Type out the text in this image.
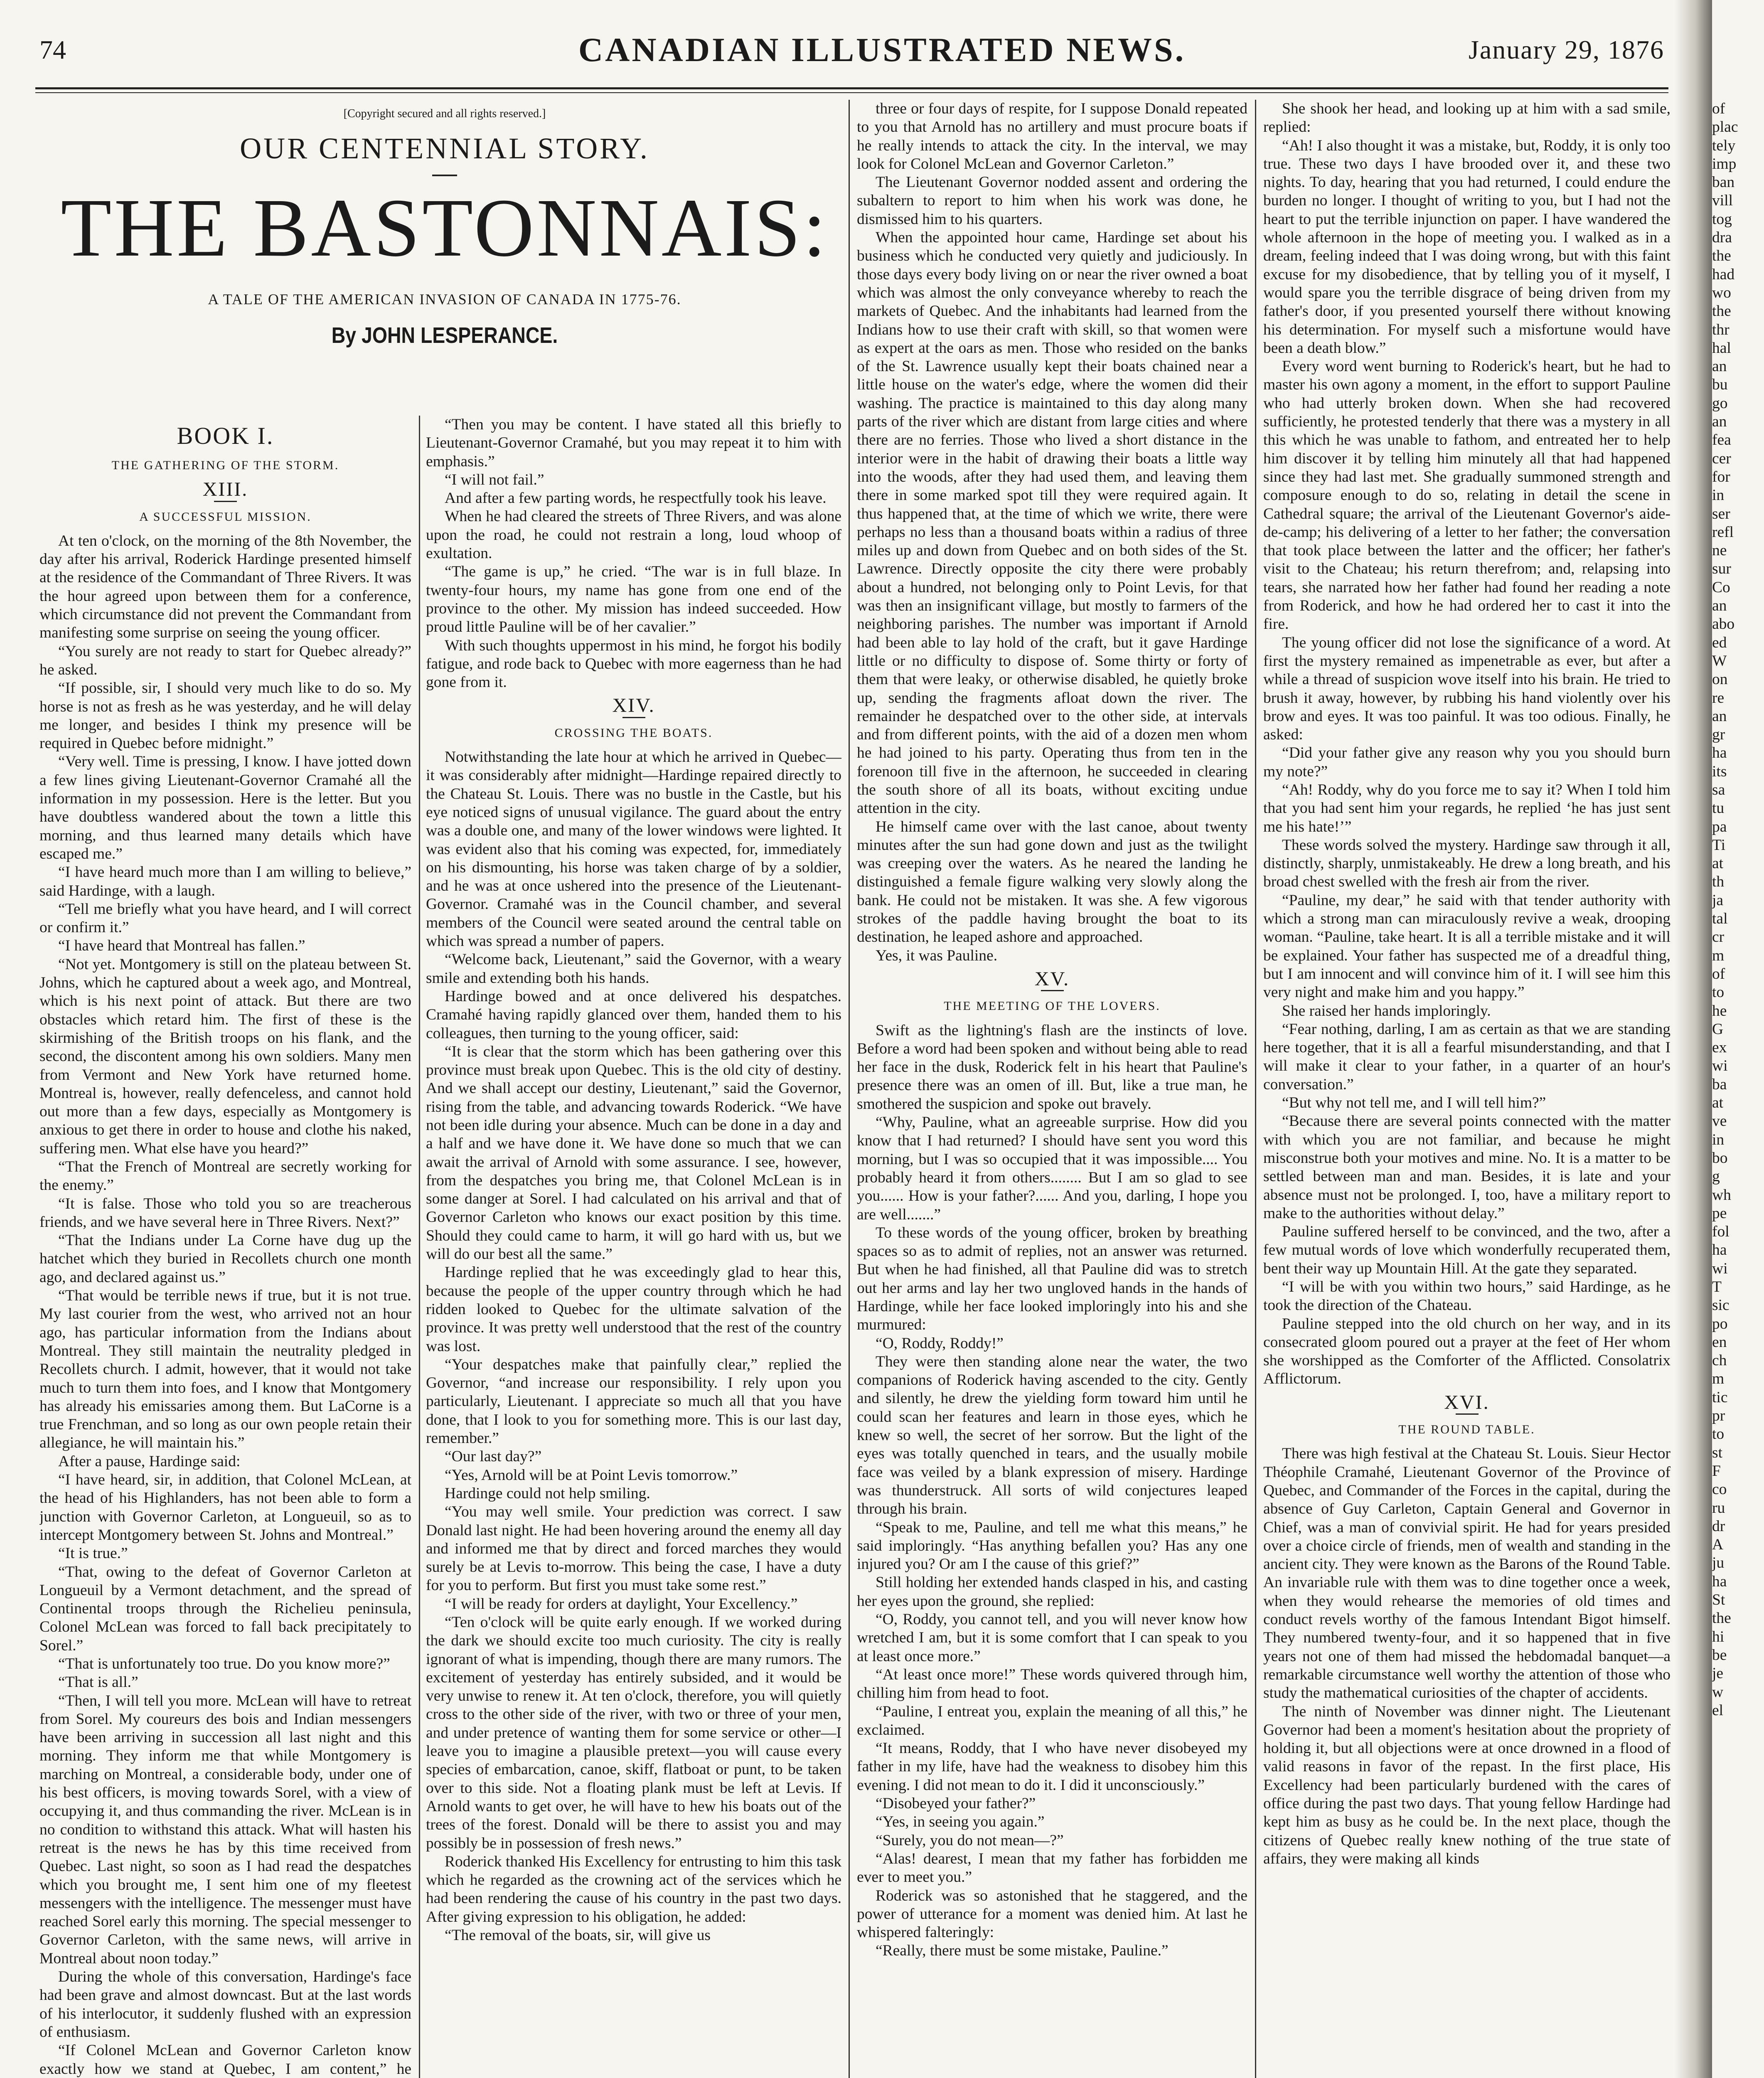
74	CANADIAN ILLUSTRATED NEWS.	January 29, 1876
[Copyright secured and all rights reserved.]
OUR CENTENNIAL STORY.
THE BASTONNAIS:
A TALE OF THE AMERICAN INVASION OF CANADA IN 1775-76.
By JOHN LESPERANCE.
BOOK I.
THE GATHERING OF THE STORM.
XIII.
A SUCCESSFUL MISSION.

At ten o'clock, on the morning of the 8th November, the day after his arrival, Roderick Hardinge presented himself at the residence of the Commandant of Three Rivers. It was the hour agreed upon between them for a conference, which circumstance did not prevent the Commandant from manifesting some surprise on seeing the young officer.

“You surely are not ready to start for Quebec already?” he asked.

“If possible, sir, I should very much like to do so. My horse is not as fresh as he was yesterday, and he will delay me longer, and besides I think my presence will be required in Quebec before midnight.”

“Very well. Time is pressing, I know. I have jotted down a few lines giving Lieutenant-Governor Cramahé all the information in my possession. Here is the letter. But you have doubtless wandered about the town a little this morning, and thus learned many details which have escaped me.”

“I have heard much more than I am willing to believe,” said Hardinge, with a laugh.

“Tell me briefly what you have heard, and I will correct or confirm it.”

“I have heard that Montreal has fallen.”

“Not yet. Montgomery is still on the plateau between St. Johns, which he captured about a week ago, and Montreal, which is his next point of attack. But there are two obstacles which retard him. The first of these is the skirmishing of the British troops on his flank, and the second, the discontent among his own soldiers. Many men from Vermont and New York have returned home. Montreal is, however, really defenceless, and cannot hold out more than a few days, especially as Montgomery is anxious to get there in order to house and clothe his naked, suffering men. What else have you heard?”

“That the French of Montreal are secretly working for the enemy.”

“It is false. Those who told you so are treacherous friends, and we have several here in Three Rivers. Next?”

“That the Indians under La Corne have dug up the hatchet which they buried in Recollets church one month ago, and declared against us.”

“That would be terrible news if true, but it is not true. My last courier from the west, who arrived not an hour ago, has particular information from the Indians about Montreal. They still maintain the neutrality pledged in Recollets church. I admit, however, that it would not take much to turn them into foes, and I know that Montgomery has already his emissaries among them. But LaCorne is a true Frenchman, and so long as our own people retain their allegiance, he will maintain his.”

After a pause, Hardinge said:

“I have heard, sir, in addition, that Colonel McLean, at the head of his Highlanders, has not been able to form a junction with Governor Carleton, at Longueuil, so as to intercept Montgomery between St. Johns and Montreal.”

“It is true.”

“That, owing to the defeat of Governor Carleton at Longueuil by a Vermont detachment, and the spread of Continental troops through the Richelieu peninsula, Colonel McLean was forced to fall back precipitately to Sorel.”

“That is unfortunately too true. Do you know more?”

“That is all.”

“Then, I will tell you more. McLean will have to retreat from Sorel. My coureurs des bois and Indian messengers have been arriving in succession all last night and this morning. They inform me that while Montgomery is marching on Montreal, a considerable body, under one of his best officers, is moving towards Sorel, with a view of occupying it, and thus commanding the river. McLean is in no condition to withstand this attack. What will hasten his retreat is the news he has by this time received from Quebec. Last night, so soon as I had read the despatches which you brought me, I sent him one of my fleetest messengers with the intelligence. The messenger must have reached Sorel early this morning. The special messenger to Governor Carleton, with the same news, will arrive in Montreal about noon today.”

During the whole of this conversation, Hardinge's face had been grave and almost downcast. But at the last words of his interlocutor, it suddenly flushed with an expression of enthusiasm.

“If Colonel McLean and Governor Carleton know exactly how we stand at Quebec, I am content,” he

“Then you may be content. I have stated all this briefly to Lieutenant-Governor Cramahé, but you may repeat it to him with emphasis.”

“I will not fail.”

And after a few parting words, he respectfully took his leave.

When he had cleared the streets of Three Rivers, and was alone upon the road, he could not restrain a long, loud whoop of exultation.

“The game is up,” he cried. “The war is in full blaze. In twenty-four hours, my name has gone from one end of the province to the other. My mission has indeed succeeded. How proud little Pauline will be of her cavalier.”

With such thoughts uppermost in his mind, he forgot his bodily fatigue, and rode back to Quebec with more eagerness than he had gone from it.

XIV.
CROSSING THE BOATS.

Notwithstanding the late hour at which he arrived in Quebec—it was considerably after midnight—Hardinge repaired directly to the Chateau St. Louis. There was no bustle in the Castle, but his eye noticed signs of unusual vigilance. The guard about the entry was a double one, and many of the lower windows were lighted. It was evident also that his coming was expected, for, immediately on his dismounting, his horse was taken charge of by a soldier, and he was at once ushered into the presence of the Lieutenant-Governor. Cramahé was in the Council chamber, and several members of the Council were seated around the central table on which was spread a number of papers.

“Welcome back, Lieutenant,” said the Governor, with a weary smile and extending both his hands.

Hardinge bowed and at once delivered his despatches. Cramahé having rapidly glanced over them, handed them to his colleagues, then turning to the young officer, said:

“It is clear that the storm which has been gathering over this province must break upon Quebec. This is the old city of destiny. And we shall accept our destiny, Lieutenant,” said the Governor, rising from the table, and advancing towards Roderick. “We have not been idle during your absence. Much can be done in a day and a half and we have done it. We have done so much that we can await the arrival of Arnold with some assurance. I see, however, from the despatches you bring me, that Colonel McLean is in some danger at Sorel. I had calculated on his arrival and that of Governor Carleton who knows our exact position by this time. Should they could came to harm, it will go hard with us, but we will do our best all the same.”

Hardinge replied that he was exceedingly glad to hear this, because the people of the upper country through which he had ridden looked to Quebec for the ultimate salvation of the province. It was pretty well understood that the rest of the country was lost.

“Your despatches make that painfully clear,” replied the Governor, “and increase our responsibility. I rely upon you particularly, Lieutenant. I appreciate so much all that you have done, that I look to you for something more. This is our last day, remember.”

“Our last day?”

“Yes, Arnold will be at Point Levis tomorrow.”

Hardinge could not help smiling.

“You may well smile. Your prediction was correct. I saw Donald last night. He had been hovering around the enemy all day and informed me that by direct and forced marches they would surely be at Levis to-morrow. This being the case, I have a duty for you to perform. But first you must take some rest.”

“I will be ready for orders at daylight, Your Excellency.”

“Ten o'clock will be quite early enough. If we worked during the dark we should excite too much curiosity. The city is really ignorant of what is impending, though there are many rumors. The excitement of yesterday has entirely subsided, and it would be very unwise to renew it. At ten o'clock, therefore, you will quietly cross to the other side of the river, with two or three of your men, and under pretence of wanting them for some service or other—I leave you to imagine a plausible pretext—you will cause every species of embarcation, canoe, skiff, flatboat or punt, to be taken over to this side. Not a floating plank must be left at Levis. If Arnold wants to get over, he will have to hew his boats out of the trees of the forest. Donald will be there to assist you and may possibly be in possession of fresh news.”

Roderick thanked His Excellency for entrusting to him this task which he regarded as the crowning act of the services which he had been rendering the cause of his country in the past two days. After giving expression to his obligation, he added:

“The removal of the boats, sir, will give us

three or four days of respite, for I suppose Donald repeated to you that Arnold has no artillery and must procure boats if he really intends to attack the city. In the interval, we may look for Colonel McLean and Governor Carleton.”

The Lieutenant Governor nodded assent and ordering the subaltern to report to him when his work was done, he dismissed him to his quarters.

When the appointed hour came, Hardinge set about his business which he conducted very quietly and judiciously. In those days every body living on or near the river owned a boat which was almost the only conveyance whereby to reach the markets of Quebec. And the inhabitants had learned from the Indians how to use their craft with skill, so that women were as expert at the oars as men. Those who resided on the banks of the St. Lawrence usually kept their boats chained near a little house on the water's edge, where the women did their washing. The practice is maintained to this day along many parts of the river which are distant from large cities and where there are no ferries. Those who lived a short distance in the interior were in the habit of drawing their boats a little way into the woods, after they had used them, and leaving them there in some marked spot till they were required again. It thus happened that, at the time of which we write, there were perhaps no less than a thousand boats within a radius of three miles up and down from Quebec and on both sides of the St. Lawrence. Directly opposite the city there were probably about a hundred, not belonging only to Point Levis, for that was then an insignificant village, but mostly to farmers of the neighboring parishes. The number was important if Arnold had been able to lay hold of the craft, but it gave Hardinge little or no difficulty to dispose of. Some thirty or forty of them that were leaky, or otherwise disabled, he quietly broke up, sending the fragments afloat down the river. The remainder he despatched over to the other side, at intervals and from different points, with the aid of a dozen men whom he had joined to his party. Operating thus from ten in the forenoon till five in the afternoon, he succeeded in clearing the south shore of all its boats, without exciting undue attention in the city.

He himself came over with the last canoe, about twenty minutes after the sun had gone down and just as the twilight was creeping over the waters. As he neared the landing he distinguished a female figure walking very slowly along the bank. He could not be mistaken. It was she. A few vigorous strokes of the paddle having brought the boat to its destination, he leaped ashore and approached.

Yes, it was Pauline.

XV.
THE MEETING OF THE LOVERS.

Swift as the lightning's flash are the instincts of love. Before a word had been spoken and without being able to read her face in the dusk, Roderick felt in his heart that Pauline's presence there was an omen of ill. But, like a true man, he smothered the suspicion and spoke out bravely.

“Why, Pauline, what an agreeable surprise. How did you know that I had returned? I should have sent you word this morning, but I was so occupied that it was impossible.... You probably heard it from others........ But I am so glad to see you...... How is your father?...... And you, darling, I hope you are well.......”

To these words of the young officer, broken by breathing spaces so as to admit of replies, not an answer was returned. But when he had finished, all that Pauline did was to stretch out her arms and lay her two ungloved hands in the hands of Hardinge, while her face looked imploringly into his and she murmured:

“O, Roddy, Roddy!”

They were then standing alone near the water, the two companions of Roderick having ascended to the city. Gently and silently, he drew the yielding form toward him until he could scan her features and learn in those eyes, which he knew so well, the secret of her sorrow. But the light of the eyes was totally quenched in tears, and the usually mobile face was veiled by a blank expression of misery. Hardinge was thunderstruck. All sorts of wild conjectures leaped through his brain.

“Speak to me, Pauline, and tell me what this means,” he said imploringly. “Has anything befallen you? Has any one injured you? Or am I the cause of this grief?”

Still holding her extended hands clasped in his, and casting her eyes upon the ground, she replied:

“O, Roddy, you cannot tell, and you will never know how wretched I am, but it is some comfort that I can speak to you at least once more.”

“At least once more!” These words quivered through him, chilling him from head to foot.

“Pauline, I entreat you, explain the meaning of all this,” he exclaimed.

“It means, Roddy, that I who have never disobeyed my father in my life, have had the weakness to disobey him this evening. I did not mean to do it. I did it unconsciously.”

“Disobeyed your father?”

“Yes, in seeing you again.”

“Surely, you do not mean—?”

“Alas! dearest, I mean that my father has forbidden me ever to meet you.”

Roderick was so astonished that he staggered, and the power of utterance for a moment was denied him. At last he whispered falteringly:

“Really, there must be some mistake, Pauline.”

She shook her head, and looking up at him with a sad smile, replied:

“Ah! I also thought it was a mistake, but, Roddy, it is only too true. These two days I have brooded over it, and these two nights. To day, hearing that you had returned, I could endure the burden no longer. I thought of writing to you, but I had not the heart to put the terrible injunction on paper. I have wandered the whole afternoon in the hope of meeting you. I walked as in a dream, feeling indeed that I was doing wrong, but with this faint excuse for my disobedience, that by telling you of it myself, I would spare you the terrible disgrace of being driven from my father's door, if you presented yourself there without knowing his determination. For myself such a misfortune would have been a death blow.”

Every word went burning to Roderick's heart, but he had to master his own agony a moment, in the effort to support Pauline who had utterly broken down. When she had recovered sufficiently, he protested tenderly that there was a mystery in all this which he was unable to fathom, and entreated her to help him discover it by telling him minutely all that had happened since they had last met. She gradually summoned strength and composure enough to do so, relating in detail the scene in Cathedral square; the arrival of the Lieutenant Governor's aide-de-camp; his delivering of a letter to her father; the conversation that took place between the latter and the officer; her father's visit to the Chateau; his return therefrom; and, relapsing into tears, she narrated how her father had found her reading a note from Roderick, and how he had ordered her to cast it into the fire.

The young officer did not lose the significance of a word. At first the mystery remained as impenetrable as ever, but after a while a thread of suspicion wove itself into his brain. He tried to brush it away, however, by rubbing his hand violently over his brow and eyes. It was too painful. It was too odious. Finally, he asked:

“Did your father give any reason why you you should burn my note?”

“Ah! Roddy, why do you force me to say it? When I told him that you had sent him your regards, he replied ‘he has just sent me his hate!’”

These words solved the mystery. Hardinge saw through it all, distinctly, sharply, unmistakeably. He drew a long breath, and his broad chest swelled with the fresh air from the river.

“Pauline, my dear,” he said with that tender authority with which a strong man can miraculously revive a weak, drooping woman. “Pauline, take heart. It is all a terrible mistake and it will be explained. Your father has suspected me of a dreadful thing, but I am innocent and will convince him of it. I will see him this very night and make him and you happy.”

She raised her hands imploringly.

“Fear nothing, darling, I am as certain as that we are standing here together, that it is all a fearful misunderstanding, and that I will make it clear to your father, in a quarter of an hour's conversation.”

“But why not tell me, and I will tell him?”

“Because there are several points connected with the matter with which you are not familiar, and because he might misconstrue both your motives and mine. No. It is a matter to be settled between man and man. Besides, it is late and your absence must not be prolonged. I, too, have a military report to make to the authorities without delay.”

Pauline suffered herself to be convinced, and the two, after a few mutual words of love which wonderfully recuperated them, bent their way up Mountain Hill. At the gate they separated.

“I will be with you within two hours,” said Hardinge, as he took the direction of the Chateau.

Pauline stepped into the old church on her way, and in its consecrated gloom poured out a prayer at the feet of Her whom she worshipped as the Comforter of the Afflicted. Consolatrix Afflictorum.

XVI.
THE ROUND TABLE.

There was high festival at the Chateau St. Louis. Sieur Hector Théophile Cramahé, Lieutenant Governor of the Province of Quebec, and Commander of the Forces in the capital, during the absence of Guy Carleton, Captain General and Governor in Chief, was a man of convivial spirit. He had for years presided over a choice circle of friends, men of wealth and standing in the ancient city. They were known as the Barons of the Round Table. An invariable rule with them was to dine together once a week, when they would rehearse the memories of old times and conduct revels worthy of the famous Intendant Bigot himself. They numbered twenty-four, and it so happened that in five years not one of them had missed the hebdomadal banquet—a remarkable circumstance well worthy the attention of those who study the mathematical curiosities of the chapter of accidents.

The ninth of November was dinner night. The Lieutenant Governor had been a moment's hesitation about the propriety of holding it, but all objections were at once drowned in a flood of valid reasons in favor of the repast. In the first place, His Excellency had been particularly burdened with the cares of office during the past two days. That young fellow Hardinge had kept him as busy as he could be. In the next place, though the citizens of Quebec really knew nothing of the true state of affairs, they were making all kinds

of
plac
tely
imp
ban
vill
tog
dra
the
had
wo
the
thr
hal
an
bu
go
an
fea
cer
for
in
ser
refl
ne
sur
Co
an
abo
ed
W
on
re
an
gr
ha
its
sa
tu
pa
Ti
at
th
ja
tal
cr
m
of
to
he
G
ex
wi
ba
at
ve
in
bo
g
wh
pe
fol
ha
wi
T
sic
po
en
ch
m
tic
pr
to
st
F
co
ru
dr
A
ju
ha
St
the
hi
be
je
w
el
